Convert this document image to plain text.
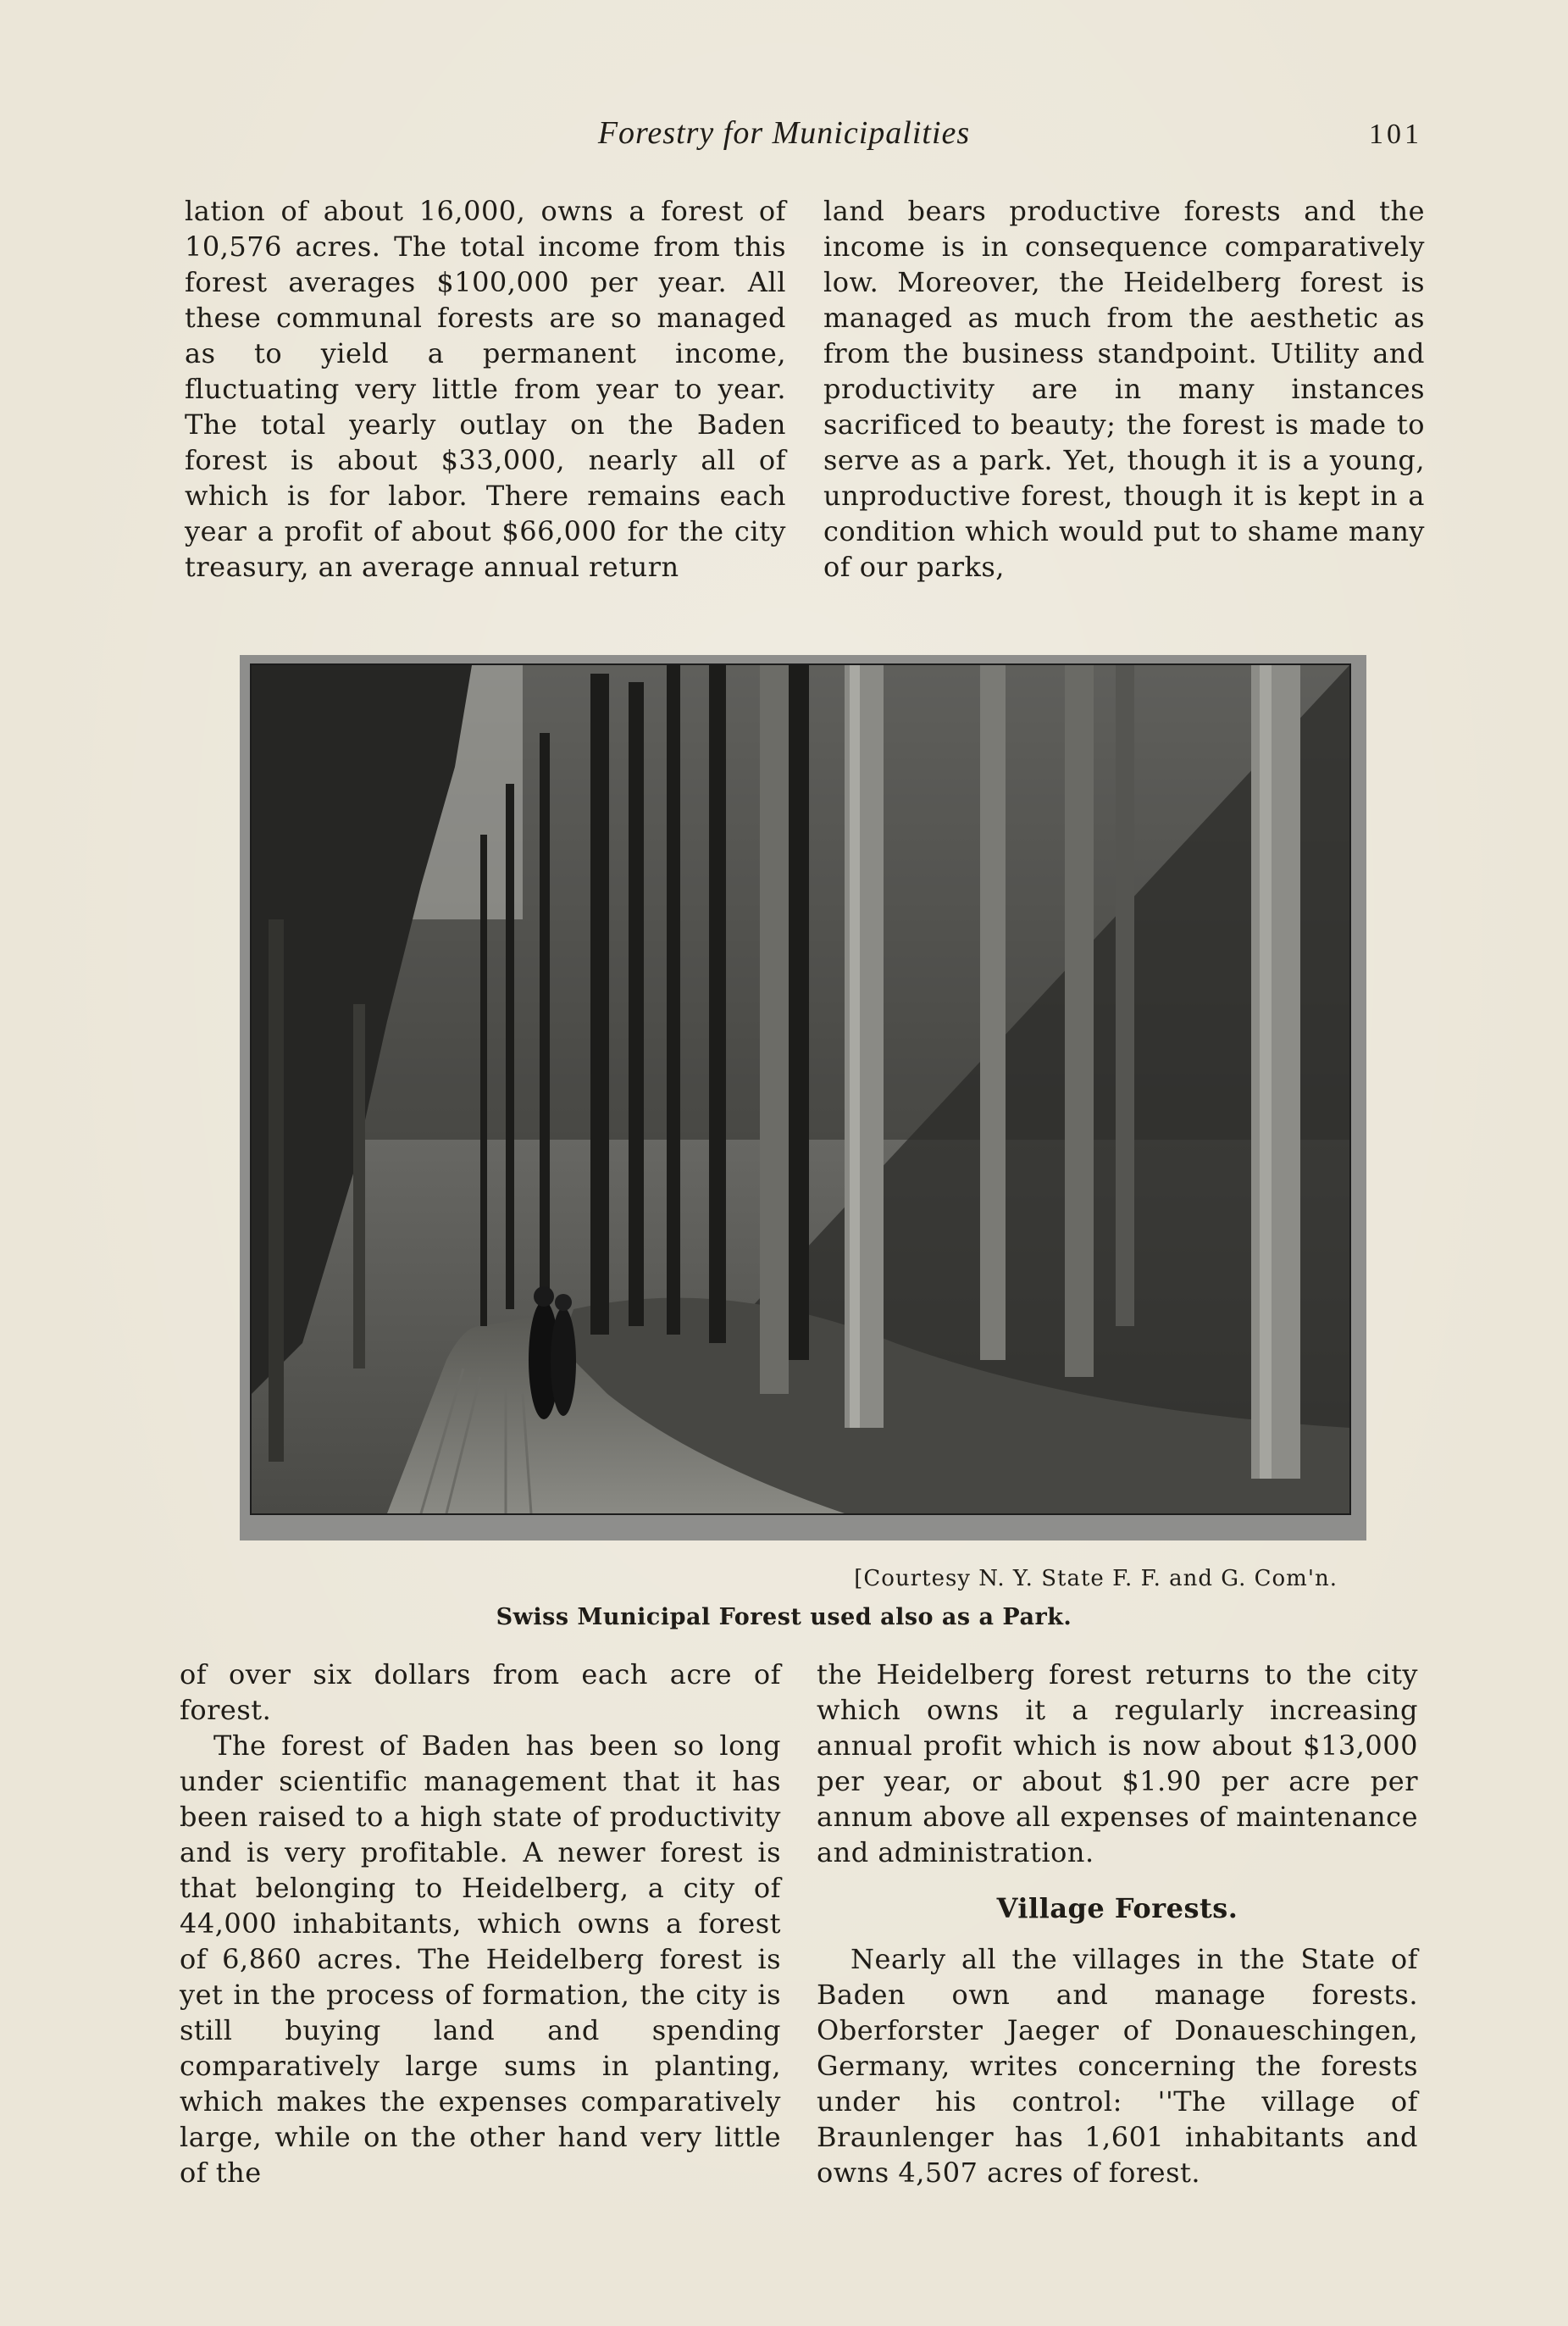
Forestry for Municipalities	101

lation of about 16,000, owns a forest of 10,576 acres. The total income from this forest averages $100,000 per year. All these communal forests are so managed as to yield a permanent income, fluctuating very little from year to year. The total yearly outlay on the Baden forest is about $33,000, nearly all of which is for labor. There remains each year a profit of about $66,000 for the city treasury, an average annual return

land bears productive forests and the income is in consequence comparatively low. Moreover, the Heidelberg forest is managed as much from the aesthetic as from the business standpoint. Utility and productivity are in many instances sacrificed to beauty; the forest is made to serve as a park. Yet, though it is a young, unproductive forest, though it is kept in a condition which would put to shame many of our parks,

[Courtesy N. Y. State F. F. and G. Com'n.
Swiss Municipal Forest used also as a Park.

of over six dollars from each acre of forest.

The forest of Baden has been so long under scientific management that it has been raised to a high state of productivity and is very profitable. A newer forest is that belonging to Heidelberg, a city of 44,000 inhabitants, which owns a forest of 6,860 acres. The Heidelberg forest is yet in the process of formation, the city is still buying land and spending comparatively large sums in planting, which makes the expenses comparatively large, while on the other hand very little of the

the Heidelberg forest returns to the city which owns it a regularly increasing annual profit which is now about $13,000 per year, or about $1.90 per acre per annum above all expenses of maintenance and administration.

Village Forests.

Nearly all the villages in the State of Baden own and manage forests. Oberforster Jaeger of Donaueschingen, Germany, writes concerning the forests under his control: ''The village of Braunlenger has 1,601 inhabitants and owns 4,507 acres of forest.
